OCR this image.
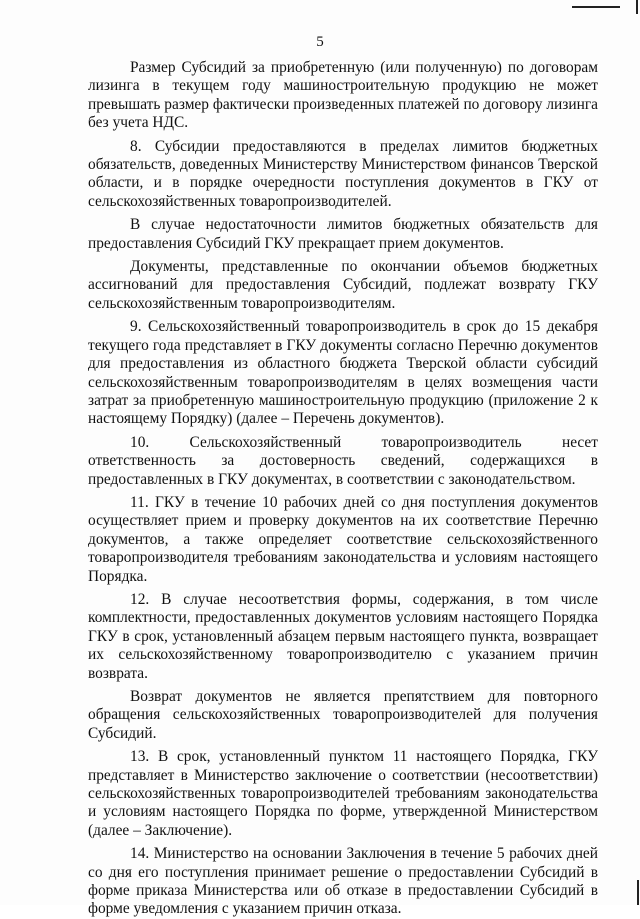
5

Размер Субсидий за приобретенную (или полученную) по договорам лизинга в текущем году машиностроительную продукцию не может превышать размер фактически произведенных платежей по договору лизинга без учета НДС.

8. Субсидии предоставляются в пределах лимитов бюджетных обязательств, доведенных Министерству Министерством финансов Тверской области, и в порядке очередности поступления документов в ГКУ от сельскохозяйственных товаропроизводителей.

В случае недостаточности лимитов бюджетных обязательств для предоставления Субсидий ГКУ прекращает прием документов.

Документы, представленные по окончании объемов бюджетных ассигнований для предоставления Субсидий, подлежат возврату ГКУ сельскохозяйственным товаропроизводителям.

9. Сельскохозяйственный товаропроизводитель в срок до 15 декабря текущего года представляет в ГКУ документы согласно Перечню документов для предоставления из областного бюджета Тверской области субсидий сельскохозяйственным товаропроизводителям в целях возмещения части затрат за приобретенную машиностроительную продукцию (приложение 2 к настоящему Порядку) (далее – Перечень документов).

10. Сельскохозяйственный товаропроизводитель несет ответственность за достоверность сведений, содержащихся в предоставленных в ГКУ документах, в соответствии с законодательством.

11. ГКУ в течение 10 рабочих дней со дня поступления документов осуществляет прием и проверку документов на их соответствие Перечню документов, а также определяет соответствие сельскохозяйственного товаропроизводителя требованиям законодательства и условиям настоящего Порядка.

12. В случае несоответствия формы, содержания, в том числе комплектности, предоставленных документов условиям настоящего Порядка ГКУ в срок, установленный абзацем первым настоящего пункта, возвращает их сельскохозяйственному товаропроизводителю с указанием причин возврата.

Возврат документов не является препятствием для повторного обращения сельскохозяйственных товаропроизводителей для получения Субсидий.

13. В срок, установленный пунктом 11 настоящего Порядка, ГКУ представляет в Министерство заключение о соответствии (несоответствии) сельскохозяйственных товаропроизводителей требованиям законодательства и условиям настоящего Порядка по форме, утвержденной Министерством (далее – Заключение).

14. Министерство на основании Заключения в течение 5 рабочих дней со дня его поступления принимает решение о предоставлении Субсидий в форме приказа Министерства или об отказе в предоставлении Субсидий в форме уведомления с указанием причин отказа.
